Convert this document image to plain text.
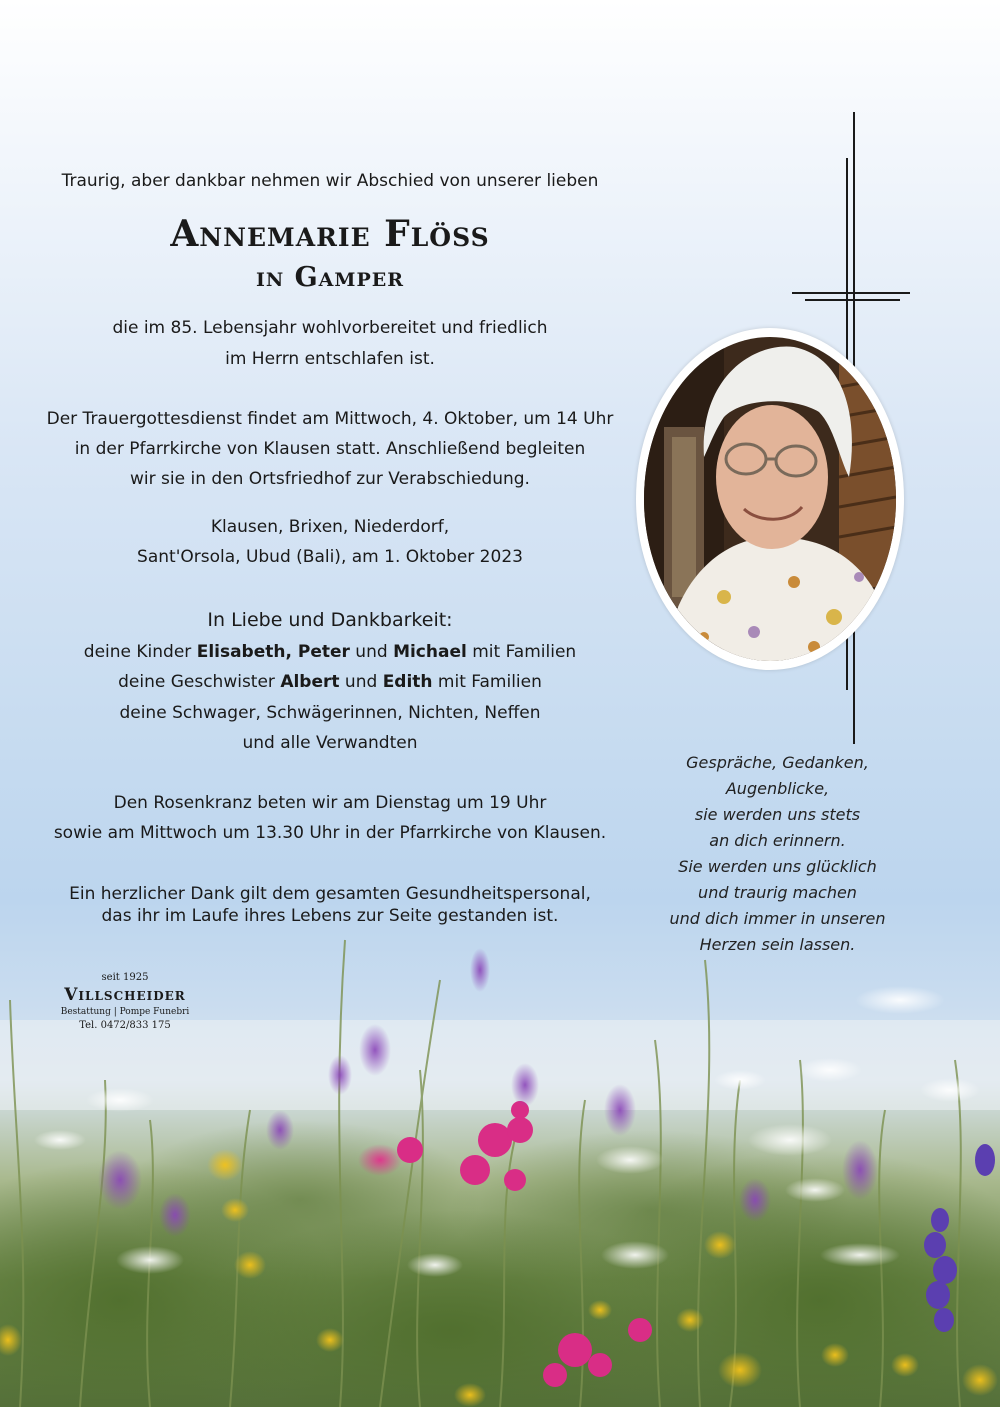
Traurig, aber dankbar nehmen wir Abschied von unserer lieben
Annemarie Flöss
in Gamper
die im 85. Lebensjahr wohlvorbereitet und friedlich
im Herrn entschlafen ist.
Der Trauergottesdienst findet am Mittwoch, 4. Oktober, um 14 Uhr
in der Pfarrkirche von Klausen statt. Anschließend begleiten
wir sie in den Ortsfriedhof zur Verabschiedung.
Klausen, Brixen, Niederdorf,
Sant'Orsola, Ubud (Bali), am 1. Oktober 2023
In Liebe und Dankbarkeit:
deine Kinder Elisabeth, Peter und Michael mit Familien
deine Geschwister Albert und Edith mit Familien
deine Schwager, Schwägerinnen, Nichten, Neffen
und alle Verwandten
Den Rosenkranz beten wir am Dienstag um 19 Uhr
sowie am Mittwoch um 13.30 Uhr in der Pfarrkirche von Klausen.
Ein herzlicher Dank gilt dem gesamten Gesundheitspersonal,
das ihr im Laufe ihres Lebens zur Seite gestanden ist.
Gespräche, Gedanken,
Augenblicke,
sie werden uns stets
an dich erinnern.
Sie werden uns glücklich
und traurig machen
und dich immer in unseren
Herzen sein lassen.
seit 1925
Villscheider
Bestattung | Pompe Funebri
Tel. 0472/833 175
